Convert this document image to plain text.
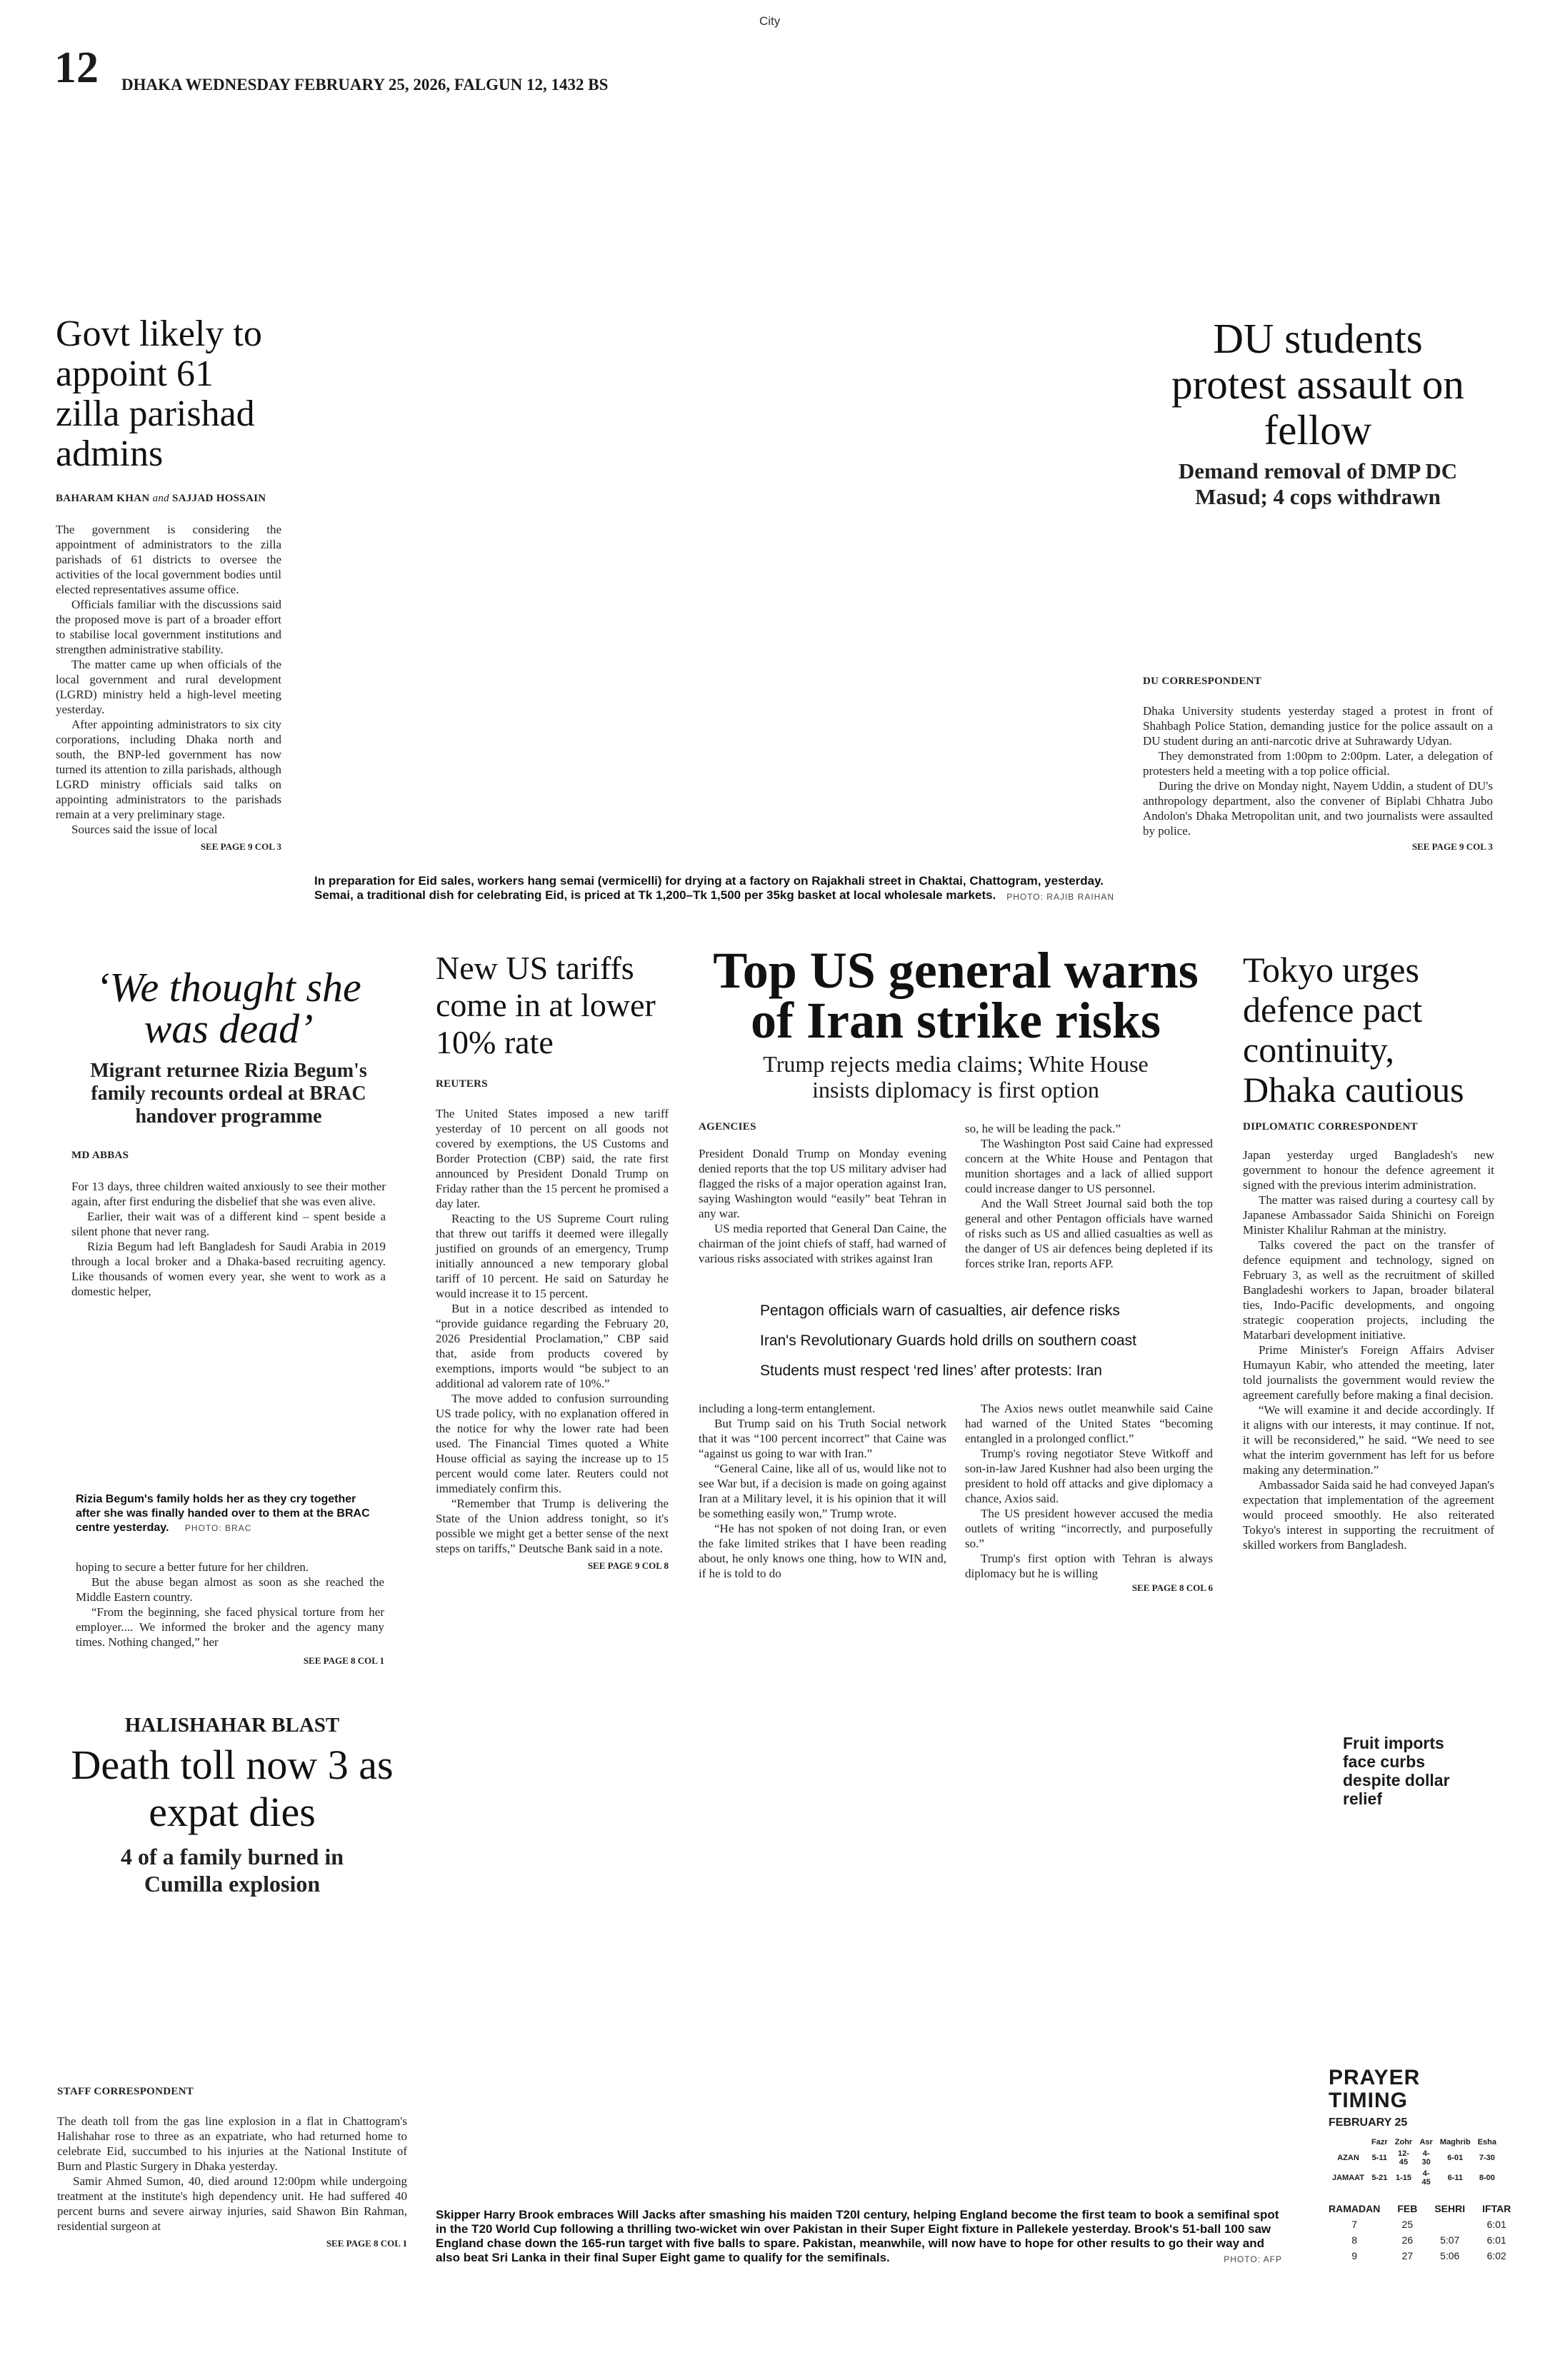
City
12 DHAKA WEDNESDAY FEBRUARY 25, 2026, FALGUN 12, 1432 BS
Govt likely to appoint 61 zilla parishad admins
BAHARAM KHAN and SAJJAD HOSSAIN

The government is considering the appointment of administrators to the zilla parishads of 61 districts to oversee the activities of the local government bodies until elected representatives assume office.

Officials familiar with the discussions said the proposed move is part of a broader effort to stabilise local government institutions and strengthen administrative stability.

The matter came up when officials of the local government and rural development (LGRD) ministry held a high-level meeting yesterday.

After appointing administrators to six city corporations, including Dhaka north and south, the BNP-led government has now turned its attention to zilla parishads, although LGRD ministry officials said talks on appointing administrators to the parishads remain at a very preliminary stage.

Sources said the issue of local

SEE PAGE 9 COL 3
In preparation for Eid sales, workers hang semai (vermicelli) for drying at a factory on Rajakhali street in Chaktai, Chattogram, yesterday. Semai, a traditional dish for celebrating Eid, is priced at Tk 1,200–Tk 1,500 per 35kg basket at local wholesale markets. PHOTO: RAJIB RAIHAN
DU students protest assault on fellow
Demand removal of DMP DC Masud; 4 cops withdrawn
DU CORRESPONDENT

Dhaka University students yesterday staged a protest in front of Shahbagh Police Station, demanding justice for the police assault on a DU student during an anti-narcotic drive at Suhrawardy Udyan.

They demonstrated from 1:00pm to 2:00pm. Later, a delegation of protesters held a meeting with a top police official.

During the drive on Monday night, Nayem Uddin, a student of DU's anthropology department, also the convener of Biplabi Chhatra Jubo Andolon's Dhaka Metropolitan unit, and two journalists were assaulted by police.

SEE PAGE 9 COL 3
‘We thought she was dead’
Migrant returnee Rizia Begum's family recounts ordeal at BRAC handover programme
MD ABBAS

For 13 days, three children waited anxiously to see their mother again, after first enduring the disbelief that she was even alive.

Earlier, their wait was of a different kind – spent beside a silent phone that never rang.

Rizia Begum had left Bangladesh for Saudi Arabia in 2019 through a local broker and a Dhaka-based recruiting agency. Like thousands of women every year, she went to work as a domestic helper,

Rizia Begum's family holds her as they cry together after she was finally handed over to them at the BRAC centre yesterday. PHOTO: BRAC

hoping to secure a better future for her children.

But the abuse began almost as soon as she reached the Middle Eastern country.

“From the beginning, she faced physical torture from her employer.... We informed the broker and the agency many times. Nothing changed,” her

SEE PAGE 8 COL 1
New US tariffs come in at lower 10% rate
REUTERS

The United States imposed a new tariff yesterday of 10 percent on all goods not covered by exemptions, the US Customs and Border Protection (CBP) said, the rate first announced by President Donald Trump on Friday rather than the 15 percent he promised a day later.

Reacting to the US Supreme Court ruling that threw out tariffs it deemed were illegally justified on grounds of an emergency, Trump initially announced a new temporary global tariff of 10 percent. He said on Saturday he would increase it to 15 percent.

But in a notice described as intended to “provide guidance regarding the February 20, 2026 Presidential Proclamation,” CBP said that, aside from products covered by exemptions, imports would “be subject to an additional ad valorem rate of 10%.”

The move added to confusion surrounding US trade policy, with no explanation offered in the notice for why the lower rate had been used. The Financial Times quoted a White House official as saying the increase up to 15 percent would come later. Reuters could not immediately confirm this.

“Remember that Trump is delivering the State of the Union address tonight, so it's possible we might get a better sense of the next steps on tariffs,” Deutsche Bank said in a note.

SEE PAGE 9 COL 8
Top US general warns of Iran strike risks
Trump rejects media claims; White House insists diplomacy is first option
AGENCIES

President Donald Trump on Monday evening denied reports that the top US military adviser had flagged the risks of a major operation against Iran, saying Washington would “easily” beat Tehran in any war.

US media reported that General Dan Caine, the chairman of the joint chiefs of staff, had warned of various risks associated with strikes against Iran

so, he will be leading the pack.”

The Washington Post said Caine had expressed concern at the White House and Pentagon that munition shortages and a lack of allied support could increase danger to US personnel.

And the Wall Street Journal said both the top general and other Pentagon officials have warned of risks such as US and allied casualties as well as the danger of US air defences being depleted if its forces strike Iran, reports AFP.

Pentagon officials warn of casualties, air defence risks
Iran's Revolutionary Guards hold drills on southern coast
Students must respect ‘red lines’ after protests: Iran

including a long-term entanglement.

But Trump said on his Truth Social network that it was “100 percent incorrect” that Caine was “against us going to war with Iran.”

“General Caine, like all of us, would like not to see War but, if a decision is made on going against Iran at a Military level, it is his opinion that it will be something easily won,” Trump wrote.

“He has not spoken of not doing Iran, or even the fake limited strikes that I have been reading about, he only knows one thing, how to WIN and, if he is told to do

The Axios news outlet meanwhile said Caine had warned of the United States “becoming entangled in a prolonged conflict.”

Trump's roving negotiator Steve Witkoff and son-in-law Jared Kushner had also been urging the president to hold off attacks and give diplomacy a chance, Axios said.

The US president however accused the media outlets of writing “incorrectly, and purposefully so.”

Trump's first option with Tehran is always diplomacy but he is willing

SEE PAGE 8 COL 6
Tokyo urges defence pact continuity, Dhaka cautious
DIPLOMATIC CORRESPONDENT

Japan yesterday urged Bangladesh's new government to honour the defence agreement it signed with the previous interim administration.

The matter was raised during a courtesy call by Japanese Ambassador Saida Shinichi on Foreign Minister Khalilur Rahman at the ministry.

Talks covered the pact on the transfer of defence equipment and technology, signed on February 3, as well as the recruitment of skilled Bangladeshi workers to Japan, broader bilateral ties, Indo-Pacific developments, and ongoing strategic cooperation projects, including the Matarbari development initiative.

Prime Minister's Foreign Affairs Adviser Humayun Kabir, who attended the meeting, later told journalists the government would review the agreement carefully before making a final decision.

“We will examine it and decide accordingly. If it aligns with our interests, it may continue. If not, it will be reconsidered,” he said. “We need to see what the interim government has left for us before making any determination.”

Ambassador Saida said he had conveyed Japan's expectation that implementation of the agreement would proceed smoothly. He also reiterated Tokyo's interest in supporting the recruitment of skilled workers from Bangladesh.

HALISHAHAR BLAST
Death toll now 3 as expat dies
4 of a family burned in Cumilla explosion
STAFF CORRESPONDENT

The death toll from the gas line explosion in a flat in Chattogram's Halishahar rose to three as an expatriate, who had returned home to celebrate Eid, succumbed to his injuries at the National Institute of Burn and Plastic Surgery in Dhaka yesterday.

Samir Ahmed Sumon, 40, died around 12:00pm while undergoing treatment at the institute's high dependency unit. He had suffered 40 percent burns and severe airway injuries, said Shawon Bin Rahman, residential surgeon at

SEE PAGE 8 COL 1
Fruit imports face curbs despite dollar relief
Skipper Harry Brook embraces Will Jacks after smashing his maiden T20I century, helping England become the first team to book a semifinal spot in the T20 World Cup following a thrilling two-wicket win over Pakistan in their Super Eight fixture in Pallekele yesterday. Brook's 51-ball 100 saw England chase down the 165-run target with five balls to spare. Pakistan, meanwhile, will now have to hope for other results to go their way and also beat Sri Lanka in their final Super Eight game to qualify for the semifinals.	PHOTO: AFP
PRAYER
TIMING
FEBRUARY 25
	Fazr	Zohr	Asr	Maghrib	Esha
AZAN	5-11	12-45	4-30	6-01	7-30
JAMAAT	5-21	1-15	4-45	6-11	8-00
RAMADAN	FEB	SEHRI	IFTAR
7	25		6:01
8	26	5:07	6:01
9	27	5:06	6:02
